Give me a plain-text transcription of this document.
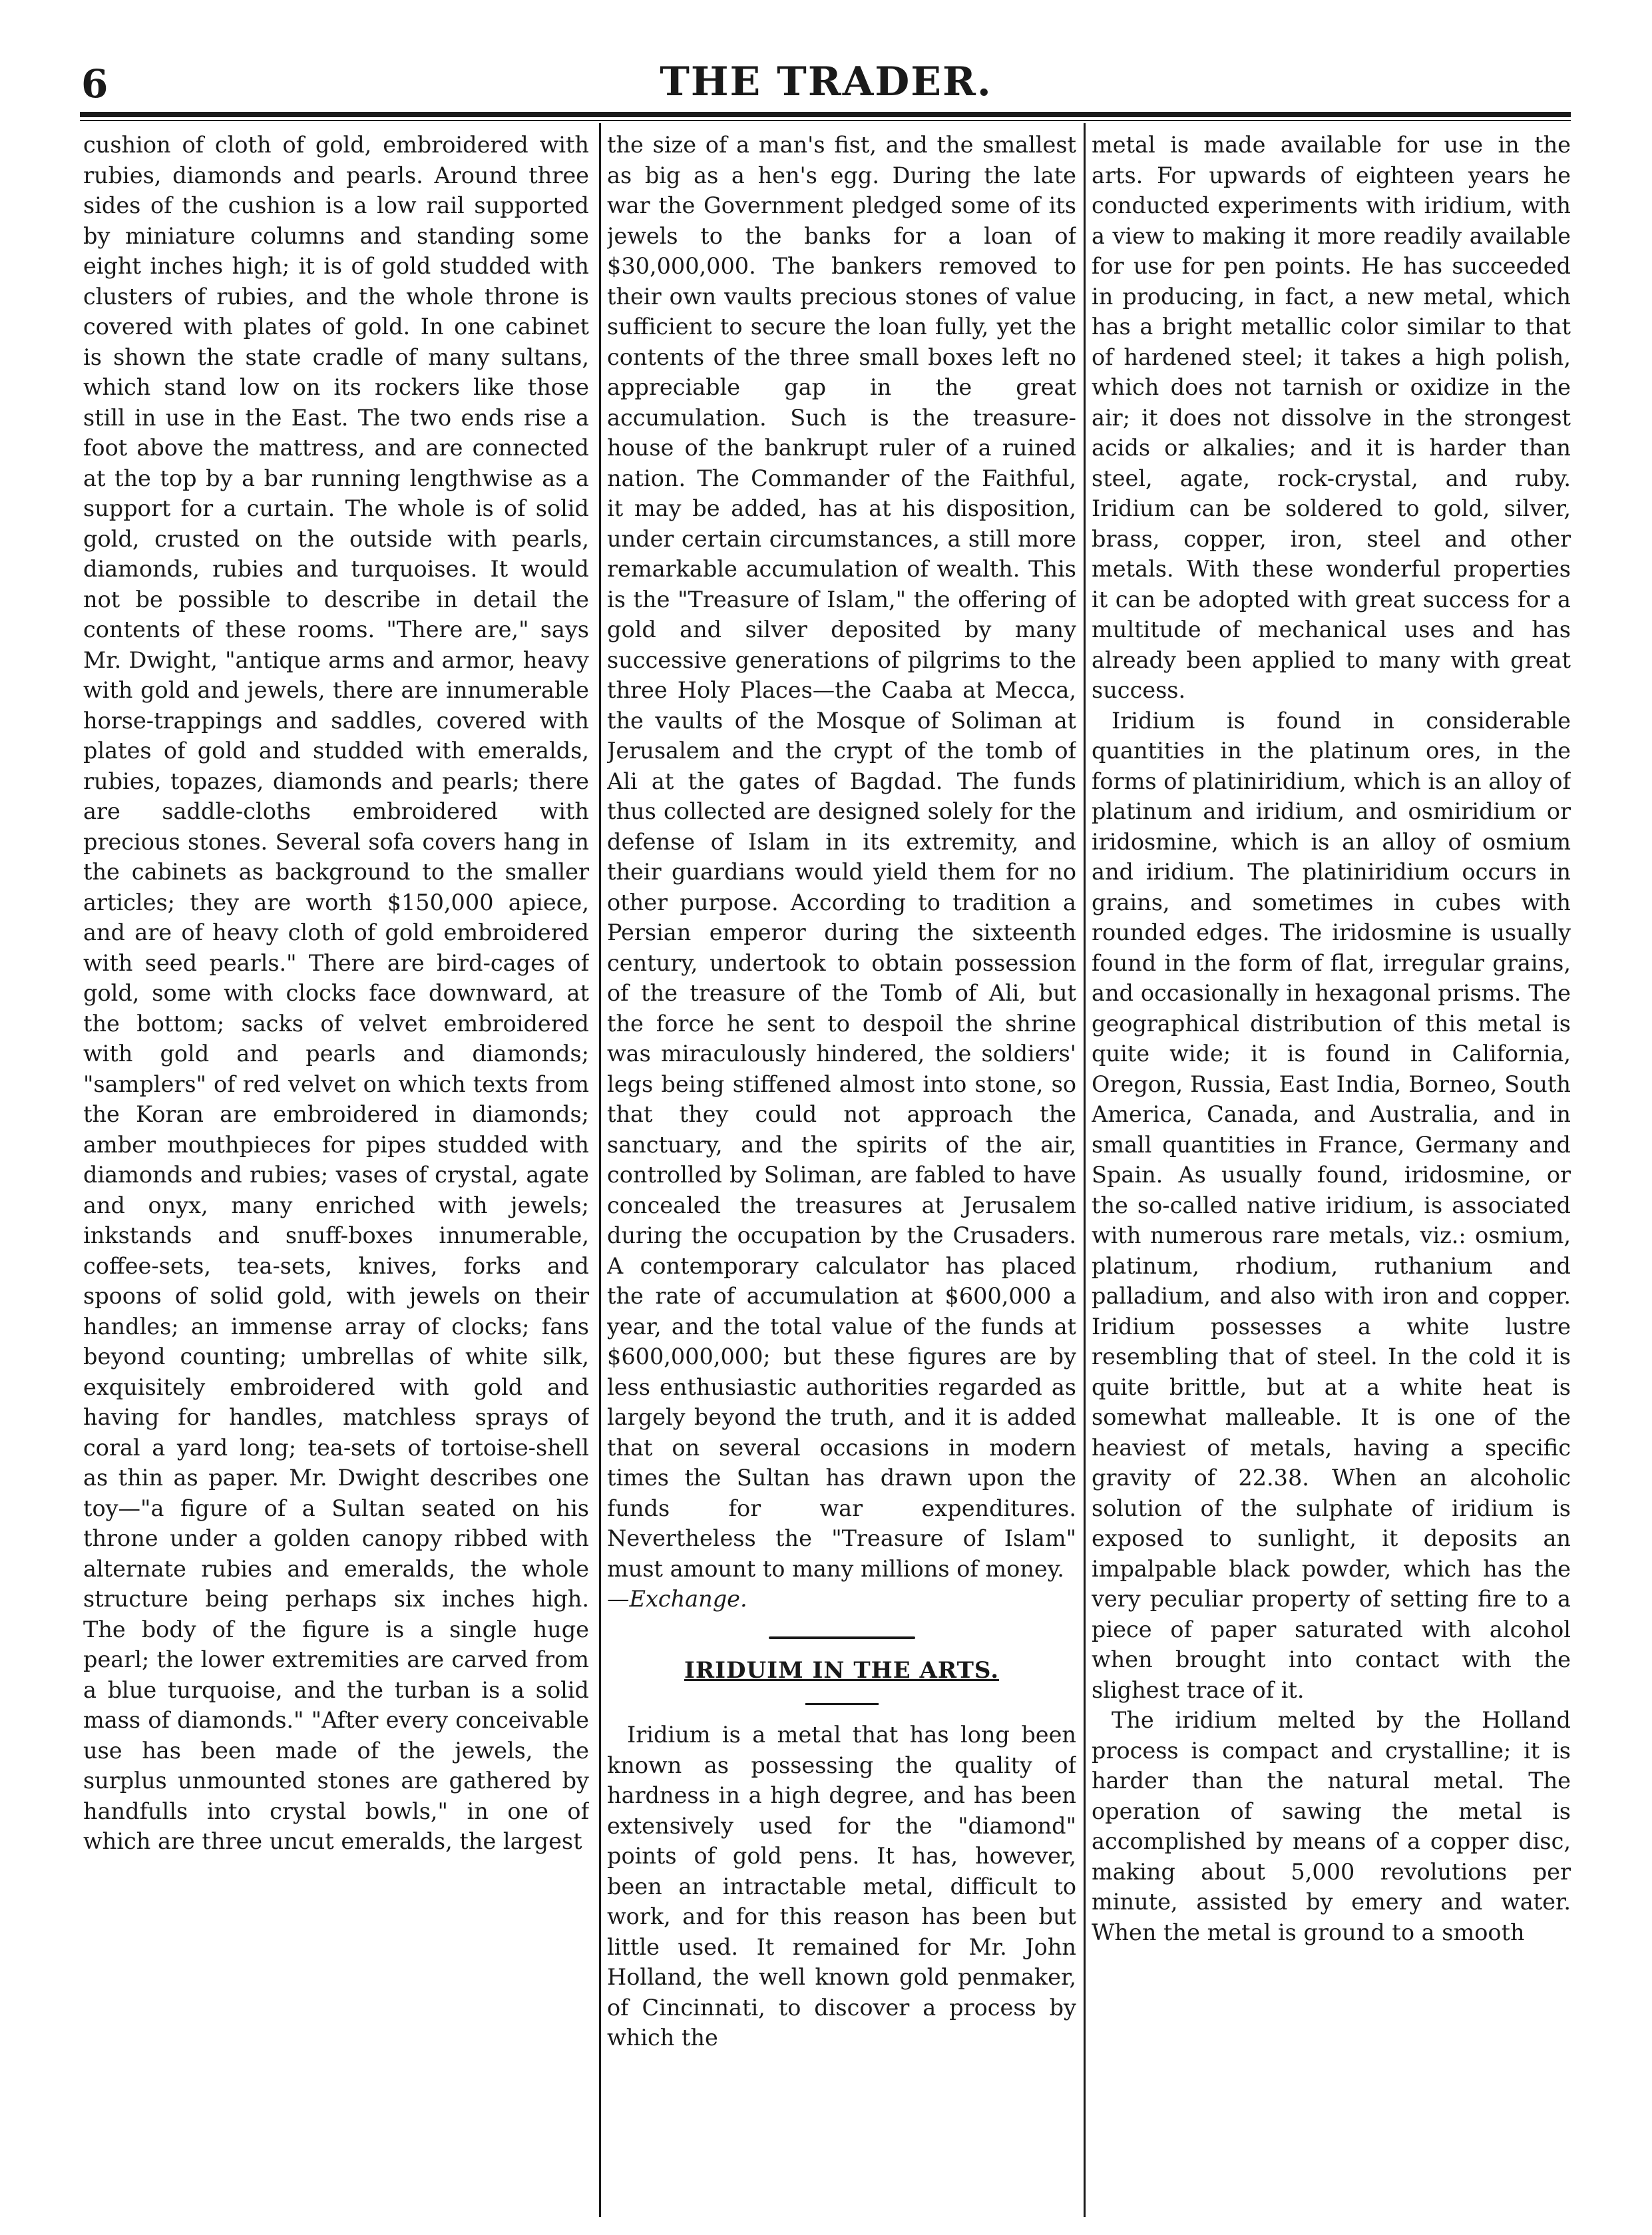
6	THE TRADER.

cushion of cloth of gold, embroidered with rubies, diamonds and pearls. Around three sides of the cushion is a low rail supported by miniature columns and standing some eight inches high; it is of gold studded with clusters of rubies, and the whole throne is covered with plates of gold. In one cabinet is shown the state cradle of many sultans, which stand low on its rockers like those still in use in the East. The two ends rise a foot above the mattress, and are connected at the top by a bar running lengthwise as a support for a curtain. The whole is of solid gold, crusted on the outside with pearls, diamonds, rubies and turquoises. It would not be possible to describe in detail the contents of these rooms. "There are," says Mr. Dwight, "antique arms and armor, heavy with gold and jewels, there are innumerable horse-trappings and saddles, covered with plates of gold and studded with emeralds, rubies, topazes, diamonds and pearls; there are saddle-cloths embroidered with precious stones. Several sofa covers hang in the cabinets as background to the smaller articles; they are worth $150,000 apiece, and are of heavy cloth of gold embroidered with seed pearls." There are bird-cages of gold, some with clocks face downward, at the bottom; sacks of velvet embroidered with gold and pearls and diamonds; "samplers" of red velvet on which texts from the Koran are embroidered in diamonds; amber mouthpieces for pipes studded with diamonds and rubies; vases of crystal, agate and onyx, many enriched with jewels; inkstands and snuff-boxes innumerable, coffee-sets, tea-sets, knives, forks and spoons of solid gold, with jewels on their handles; an immense array of clocks; fans beyond counting; umbrellas of white silk, exquisitely embroidered with gold and having for handles, matchless sprays of coral a yard long; tea-sets of tortoise-shell as thin as paper. Mr. Dwight describes one toy—"a figure of a Sultan seated on his throne under a golden canopy ribbed with alternate rubies and emeralds, the whole structure being perhaps six inches high. The body of the figure is a single huge pearl; the lower extremities are carved from a blue turquoise, and the turban is a solid mass of diamonds." "After every conceivable use has been made of the jewels, the surplus unmounted stones are gathered by handfulls into crystal bowls," in one of which are three uncut emeralds, the largest

the size of a man's fist, and the smallest as big as a hen's egg. During the late war the Government pledged some of its jewels to the banks for a loan of $30,000,000. The bankers removed to their own vaults precious stones of value sufficient to secure the loan fully, yet the contents of the three small boxes left no appreciable gap in the great accumulation. Such is the treasure-house of the bankrupt ruler of a ruined nation. The Commander of the Faithful, it may be added, has at his disposition, under certain circumstances, a still more remarkable accumulation of wealth. This is the "Treasure of Islam," the offering of gold and silver deposited by many successive generations of pilgrims to the three Holy Places—the Caaba at Mecca, the vaults of the Mosque of Soliman at Jerusalem and the crypt of the tomb of Ali at the gates of Bagdad. The funds thus collected are designed solely for the defense of Islam in its extremity, and their guardians would yield them for no other purpose. According to tradition a Persian emperor during the sixteenth century, undertook to obtain possession of the treasure of the Tomb of Ali, but the force he sent to despoil the shrine was miraculously hindered, the soldiers' legs being stiffened almost into stone, so that they could not approach the sanctuary, and the spirits of the air, controlled by Soliman, are fabled to have concealed the treasures at Jerusalem during the occupation by the Crusaders. A contemporary calculator has placed the rate of accumulation at $600,000 a year, and the total value of the funds at $600,000,000; but these figures are by less enthusiastic authorities regarded as largely beyond the truth, and it is added that on several occasions in modern times the Sultan has drawn upon the funds for war expenditures. Nevertheless the "Treasure of Islam" must amount to many millions of money.

—Exchange.

IRIDUIM IN THE ARTS.

Iridium is a metal that has long been known as possessing the quality of hardness in a high degree, and has been extensively used for the "diamond" points of gold pens. It has, however, been an intractable metal, difficult to work, and for this reason has been but little used. It remained for Mr. John Holland, the well known gold penmaker, of Cincinnati, to discover a process by which the

metal is made available for use in the arts. For upwards of eighteen years he conducted experiments with iridium, with a view to making it more readily available for use for pen points. He has succeeded in producing, in fact, a new metal, which has a bright metallic color similar to that of hardened steel; it takes a high polish, which does not tarnish or oxidize in the air; it does not dissolve in the strongest acids or alkalies; and it is harder than steel, agate, rock-crystal, and ruby. Iridium can be soldered to gold, silver, brass, copper, iron, steel and other metals. With these wonderful properties it can be adopted with great success for a multitude of mechanical uses and has already been applied to many with great success.

Iridium is found in considerable quantities in the platinum ores, in the forms of platiniridium, which is an alloy of platinum and iridium, and osmiridium or iridosmine, which is an alloy of osmium and iridium. The platiniridium occurs in grains, and sometimes in cubes with rounded edges. The iridosmine is usually found in the form of flat, irregular grains, and occasionally in hexagonal prisms. The geographical distribution of this metal is quite wide; it is found in California, Oregon, Russia, East India, Borneo, South America, Canada, and Australia, and in small quantities in France, Germany and Spain. As usually found, iridosmine, or the so-called native iridium, is associated with numerous rare metals, viz.: osmium, platinum, rhodium, ruthanium and palladium, and also with iron and copper. Iridium possesses a white lustre resembling that of steel. In the cold it is quite brittle, but at a white heat is somewhat malleable. It is one of the heaviest of metals, having a specific gravity of 22.38. When an alcoholic solution of the sulphate of iridium is exposed to sunlight, it deposits an impalpable black powder, which has the very peculiar property of setting fire to a piece of paper saturated with alcohol when brought into contact with the slighest trace of it.

The iridium melted by the Holland process is compact and crystalline; it is harder than the natural metal. The operation of sawing the metal is accomplished by means of a copper disc, making about 5,000 revolutions per minute, assisted by emery and water. When the metal is ground to a smooth
